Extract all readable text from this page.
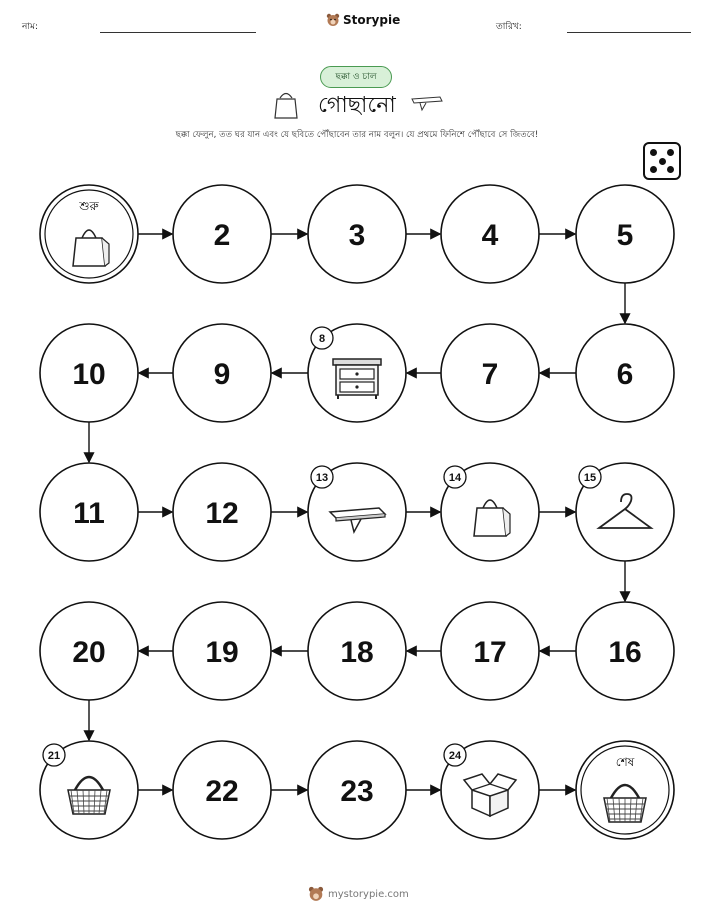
নাম:	Storypie	তারিখ:
ছক্কা ও চাল
গোছানো
ছক্কা ফেলুন, তত ঘর যান এবং যে ছবিতে পৌঁছাবেন তার নাম বলুন। যে প্রথমে ফিনিশে পৌঁছাবে সে জিতবে!
শুরু
2	3	4	5
6
7
8
9
10
11	12
13	14	15
16
17
18
19
20
21
22	23
24	শেষ
mystorypie.com
